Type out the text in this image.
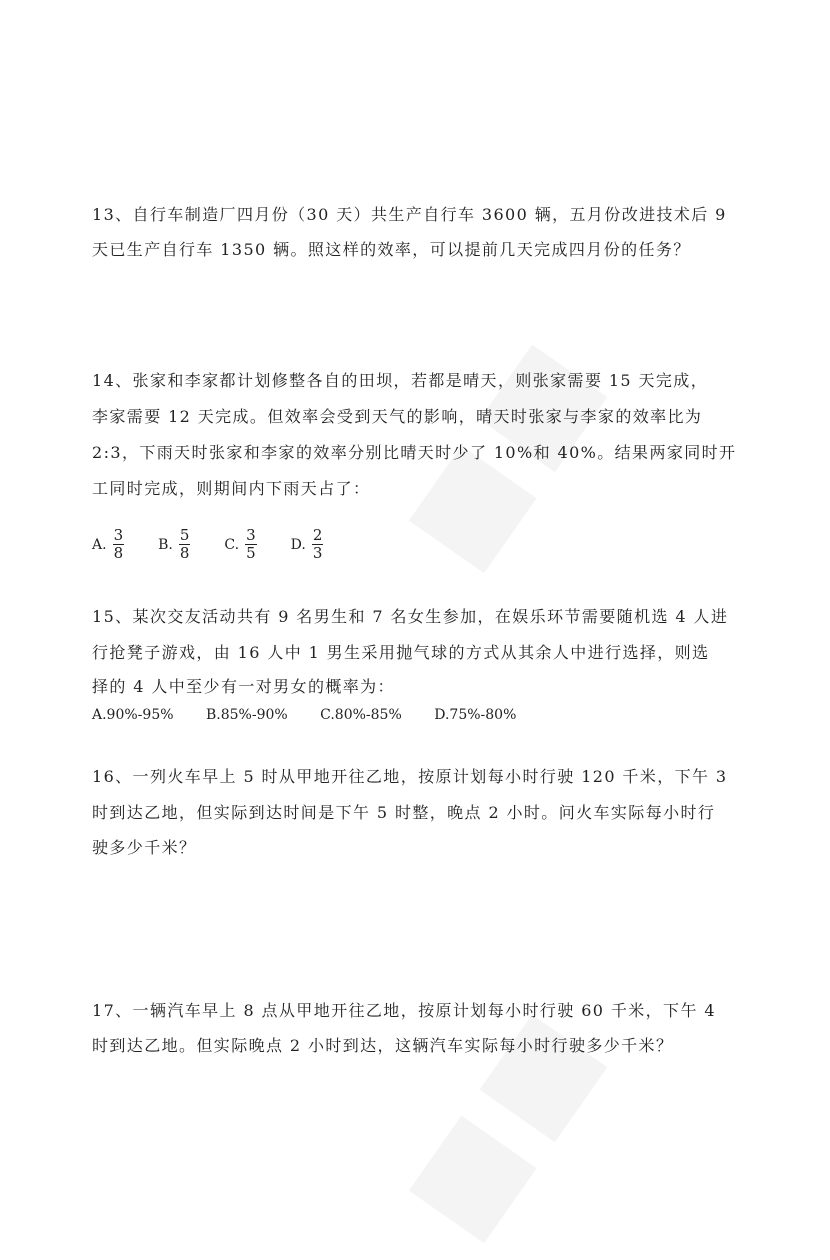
13、自行车制造厂四月份（30 天）共生产自行车 3600 辆，五月份改进技术后 9
天已生产自行车 1350 辆。照这样的效率，可以提前几天完成四月份的任务？
14、张家和李家都计划修整各自的田坝，若都是晴天，则张家需要 15 天完成，
李家需要 12 天完成。但效率会受到天气的影响，晴天时张家与李家的效率比为
2:3，下雨天时张家和李家的效率分别比晴天时少了 10%和 40%。结果两家同时开
工同时完成，则期间内下雨天占了：
A. $\frac{3}{8} B$. $\frac{5}{8} C$. $\frac{3}{5} D$. $\frac{2}{3}$
15、某次交友活动共有 9 名男生和 7 名女生参加，在娱乐环节需要随机选 4 人进
行抢凳子游戏，由 16 人中 1 男生采用抛气球的方式从其余人中进行选择，则选
择的 4 人中至少有一对男女的概率为：
A.90%-95% B.85%-90% C.80%-85% D.75%-80%
16、一列火车早上 5 时从甲地开往乙地，按原计划每小时行驶 120 千米，下午 3
时到达乙地，但实际到达时间是下午 5 时整，晚点 2 小时。问火车实际每小时行
驶多少千米？
17、一辆汽车早上 8 点从甲地开往乙地，按原计划每小时行驶 60 千米，下午 4
时到达乙地。但实际晚点 2 小时到达，这辆汽车实际每小时行驶多少千米？
